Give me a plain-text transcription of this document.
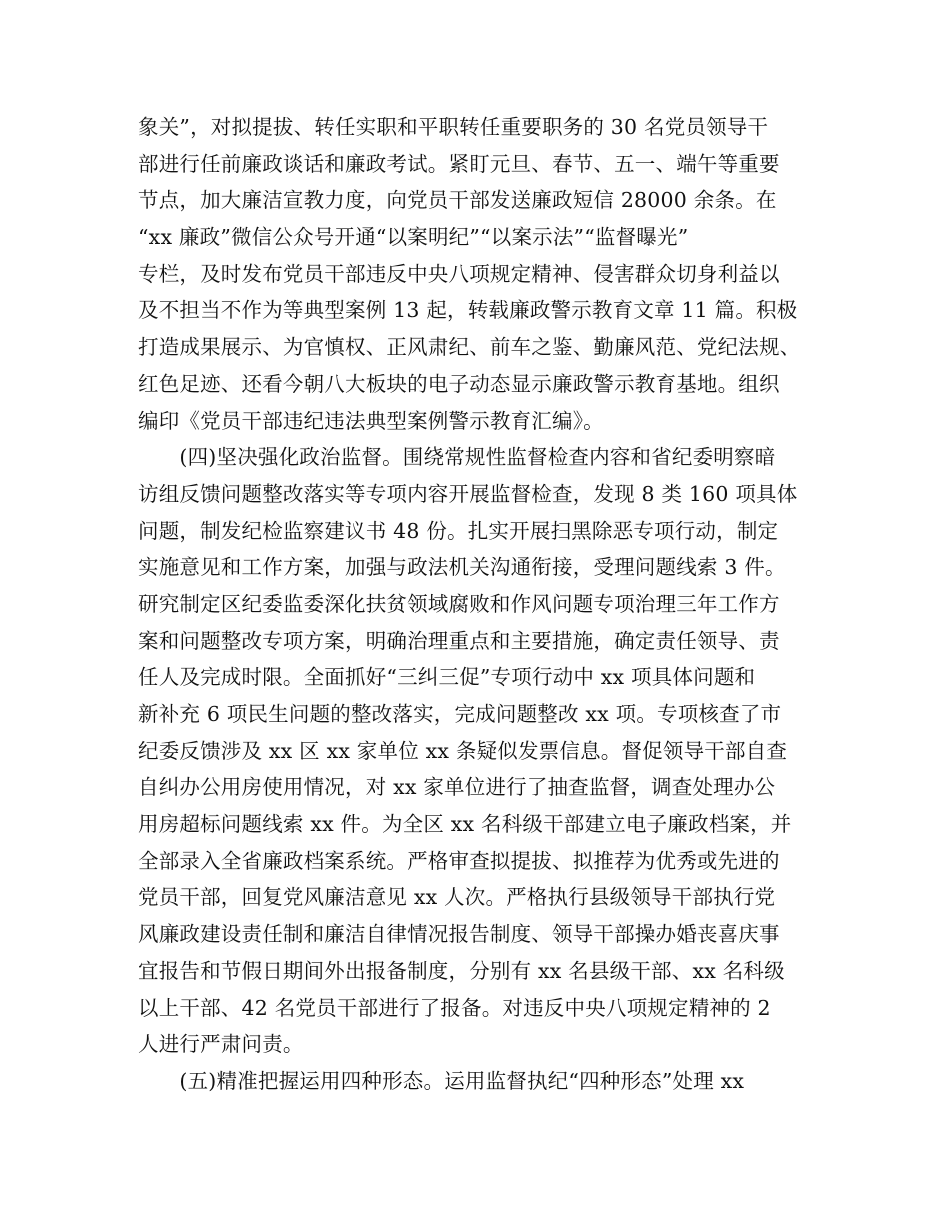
象关”，对拟提拔、转任实职和平职转任重要职务的 30 名党员领导干
部进行任前廉政谈话和廉政考试。紧盯元旦、春节、五一、端午等重要
节点，加大廉洁宣教力度，向党员干部发送廉政短信 28000 余条。在
“xx 廉政”微信公众号开通“以案明纪”“以案示法”“监督曝光”
专栏，及时发布党员干部违反中央八项规定精神、侵害群众切身利益以
及不担当不作为等典型案例 13 起，转载廉政警示教育文章 11 篇。积极
打造成果展示、为官慎权、正风肃纪、前车之鉴、勤廉风范、党纪法规、
红色足迹、还看今朝八大板块的电子动态显示廉政警示教育基地。组织
编印《党员干部违纪违法典型案例警示教育汇编》。
　　(四)坚决强化政治监督。围绕常规性监督检查内容和省纪委明察暗
访组反馈问题整改落实等专项内容开展监督检查，发现 8 类 160 项具体
问题，制发纪检监察建议书 48 份。扎实开展扫黑除恶专项行动，制定
实施意见和工作方案，加强与政法机关沟通衔接，受理问题线索 3 件。
研究制定区纪委监委深化扶贫领域腐败和作风问题专项治理三年工作方
案和问题整改专项方案，明确治理重点和主要措施，确定责任领导、责
任人及完成时限。全面抓好“三纠三促”专项行动中 xx 项具体问题和
新补充 6 项民生问题的整改落实，完成问题整改 xx 项。专项核查了市
纪委反馈涉及 xx 区 xx 家单位 xx 条疑似发票信息。督促领导干部自查
自纠办公用房使用情况，对 xx 家单位进行了抽查监督，调查处理办公
用房超标问题线索 xx 件。为全区 xx 名科级干部建立电子廉政档案，并
全部录入全省廉政档案系统。严格审查拟提拔、拟推荐为优秀或先进的
党员干部，回复党风廉洁意见 xx 人次。严格执行县级领导干部执行党
风廉政建设责任制和廉洁自律情况报告制度、领导干部操办婚丧喜庆事
宜报告和节假日期间外出报备制度，分别有 xx 名县级干部、xx 名科级
以上干部、42 名党员干部进行了报备。对违反中央八项规定精神的 2
人进行严肃问责。
　　(五)精准把握运用四种形态。运用监督执纪“四种形态”处理 xx
